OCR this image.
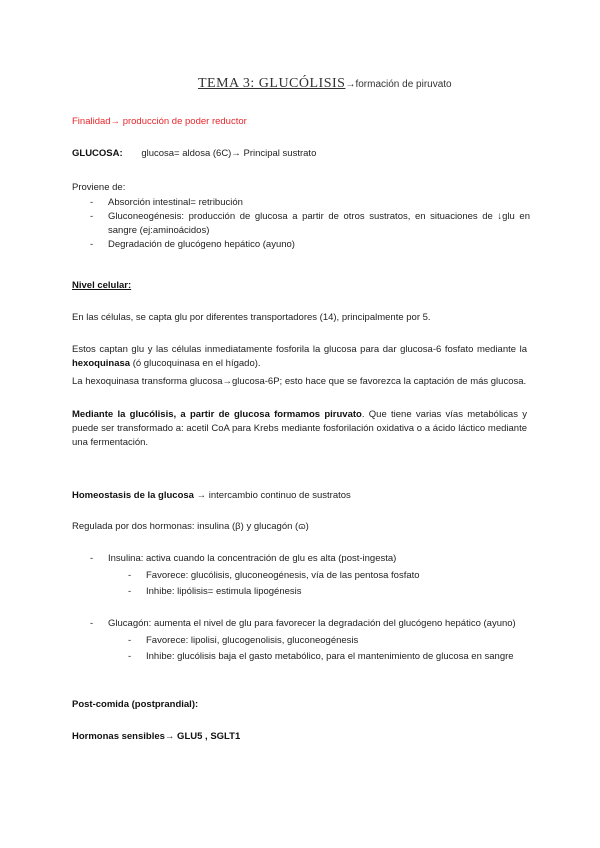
TEMA 3: GLUCÓLISIS→formación de piruvato
Finalidad→ producción de poder reductor
GLUCOSA: glucosa= aldosa (6C)→ Principal sustrato
Proviene de:
- Absorción intestinal= retribución
- Gluconeogénesis: producción de glucosa a partir de otros sustratos, en situaciones de ↓glu en sangre (ej:aminoácidos)
- Degradación de glucógeno hepático (ayuno)
Nivel celular:
En las células, se capta glu por diferentes transportadores (14), principalmente por 5.
Estos captan glu y las células inmediatamente fosforila la glucosa para dar glucosa-6 fosfato mediante la hexoquinasa (ó glucoquinasa en el hígado).
La hexoquinasa transforma glucosa→glucosa-6P; esto hace que se favorezca la captación de más glucosa.
Mediante la glucólisis, a partir de glucosa formamos piruvato. Que tiene varias vías metabólicas y puede ser transformado a: acetil CoA para Krebs mediante fosforilación oxidativa o a ácido láctico mediante una fermentación.
Homeostasis de la glucosa → intercambio continuo de sustratos
Regulada por dos hormonas: insulina (β) y glucagón (ɷ)
- Insulina: activa cuando la concentración de glu es alta (post-ingesta)
- Favorece: glucólisis, gluconeogénesis, vía de las pentosa fosfato
- Inhibe: lipólisis= estimula lipogénesis
- Glucagón: aumenta el nivel de glu para favorecer la degradación del glucógeno hepático (ayuno)
- Favorece: lipolisi, glucogenolisis, gluconeogénesis
- Inhibe: glucólisis baja el gasto metabólico, para el mantenimiento de glucosa en sangre
Post-comida (postprandial):
Hormonas sensibles→ GLU5 , SGLT1
